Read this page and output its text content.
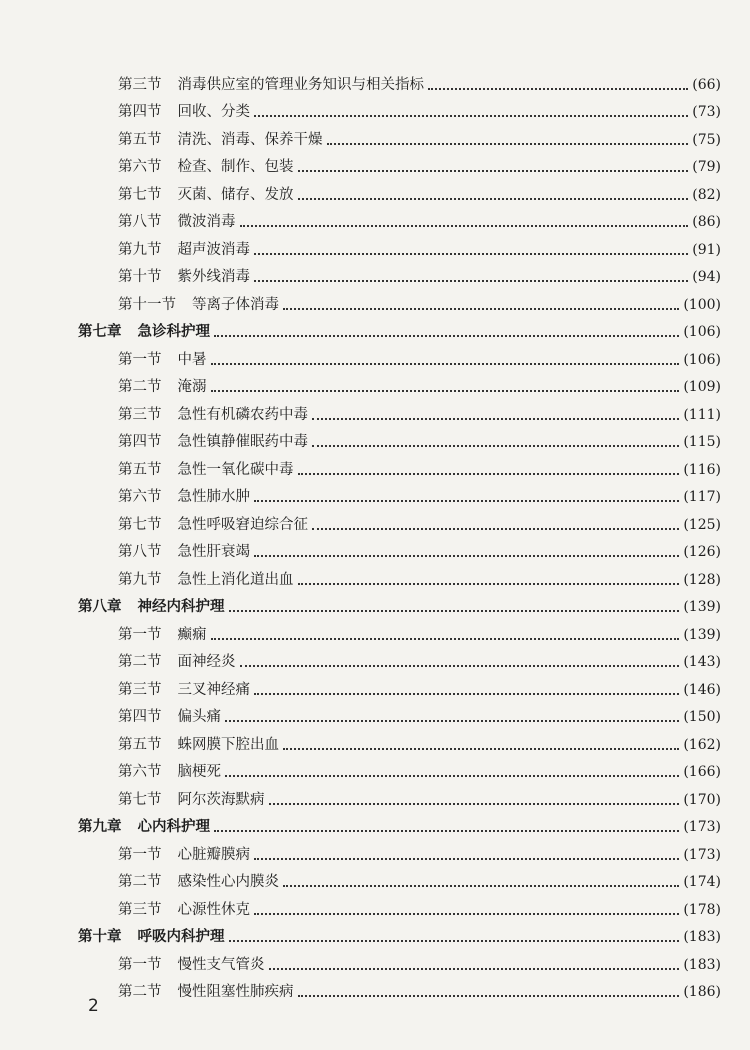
第三节 消毒供应室的管理业务知识与相关指标	(66)
第四节 回收、分类	(73)
第五节 清洗、消毒、保养干燥	(75)
第六节 检查、制作、包装	(79)
第七节 灭菌、储存、发放	(82)
第八节 微波消毒	(86)
第九节 超声波消毒	(91)
第十节 紫外线消毒	(94)
第十一节 等离子体消毒	(100)
第七章 急诊科护理	(106)
第一节 中暑	(106)
第二节 淹溺	(109)
第三节 急性有机磷农药中毒	(111)
第四节 急性镇静催眠药中毒	(115)
第五节 急性一氧化碳中毒	(116)
第六节 急性肺水肿	(117)
第七节 急性呼吸窘迫综合征	(125)
第八节 急性肝衰竭	(126)
第九节 急性上消化道出血	(128)
第八章 神经内科护理	(139)
第一节 癫痫	(139)
第二节 面神经炎	(143)
第三节 三叉神经痛	(146)
第四节 偏头痛	(150)
第五节 蛛网膜下腔出血	(162)
第六节 脑梗死	(166)
第七节 阿尔茨海默病	(170)
第九章 心内科护理	(173)
第一节 心脏瓣膜病	(173)
第二节 感染性心内膜炎	(174)
第三节 心源性休克	(178)
第十章 呼吸内科护理	(183)
第一节 慢性支气管炎	(183)
第二节 慢性阻塞性肺疾病	(186)
2
